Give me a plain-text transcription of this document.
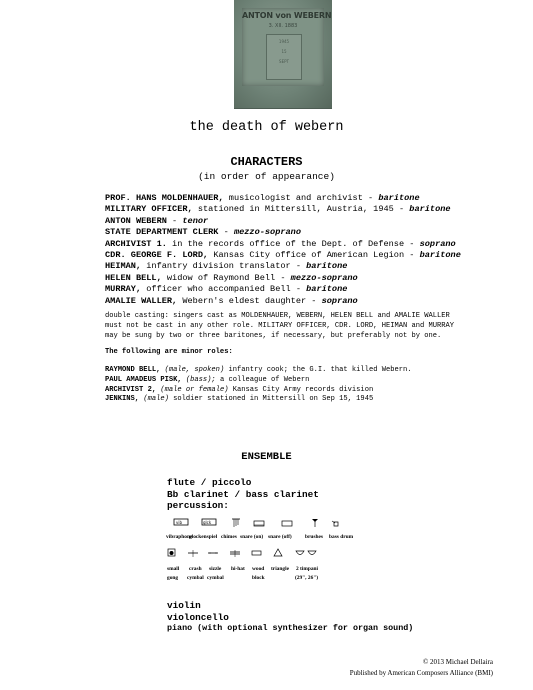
ANTON von WEBERN
3. XII. 1883
1945
15
SEPT
the death of webern
CHARACTERS
(in order of appearance)
PROF. HANS MOLDENHAUER, musicologist and archivist - baritone
MILITARY OFFICER, stationed in Mittersill, Austria, 1945 - baritone
ANTON WEBERN - tenor
STATE DEPARTMENT CLERK - mezzo-soprano
ARCHIVIST 1. in the records office of the Dept. of Defense - soprano
CDR. GEORGE F. LORD, Kansas City office of American Legion - baritone
HEIMAN, infantry division translator - baritone
HELEN BELL, widow of Raymond Bell - mezzo-soprano
MURRAY, officer who accompanied Bell - baritone
AMALIE WALLER, Webern's eldest daughter - soprano
double casting: singers cast as MOLDENHAUER, WEBERN, HELEN BELL and AMALIE WALLER
must not be cast in any other role. MILITARY OFFICER, CDR. LORD, HEIMAN and MURRAY
may be sung by two or three baritones, if necessary, but preferably not by one.
The following are minor roles:
RAYMOND BELL, (male, spoken) infantry cook; the G.I. that killed Webern.
PAUL AMADEUS PISK, (bass); a colleague of Webern
ARCHIVIST 2, (male or female) Kansas City Army records division
JENKINS, (male) soldier stationed in Mittersill on Sep 15, 1945
ENSEMBLE
flute / piccolo
Bb clarinet / bass clarinet
percussion:
vib	glck
vibraphone
glockenspiel chimes snare (on) snare (off) brushes bass drum
small
gong
crash
cymbal
sizzle
cymbal
hi-hat wood
block
triangle 2 timpani
(29", 26")
violin
violoncello
piano (with optional synthesizer for organ sound)
© 2013 Michael Dellaira
Published by American Composers Alliance (BMI)
